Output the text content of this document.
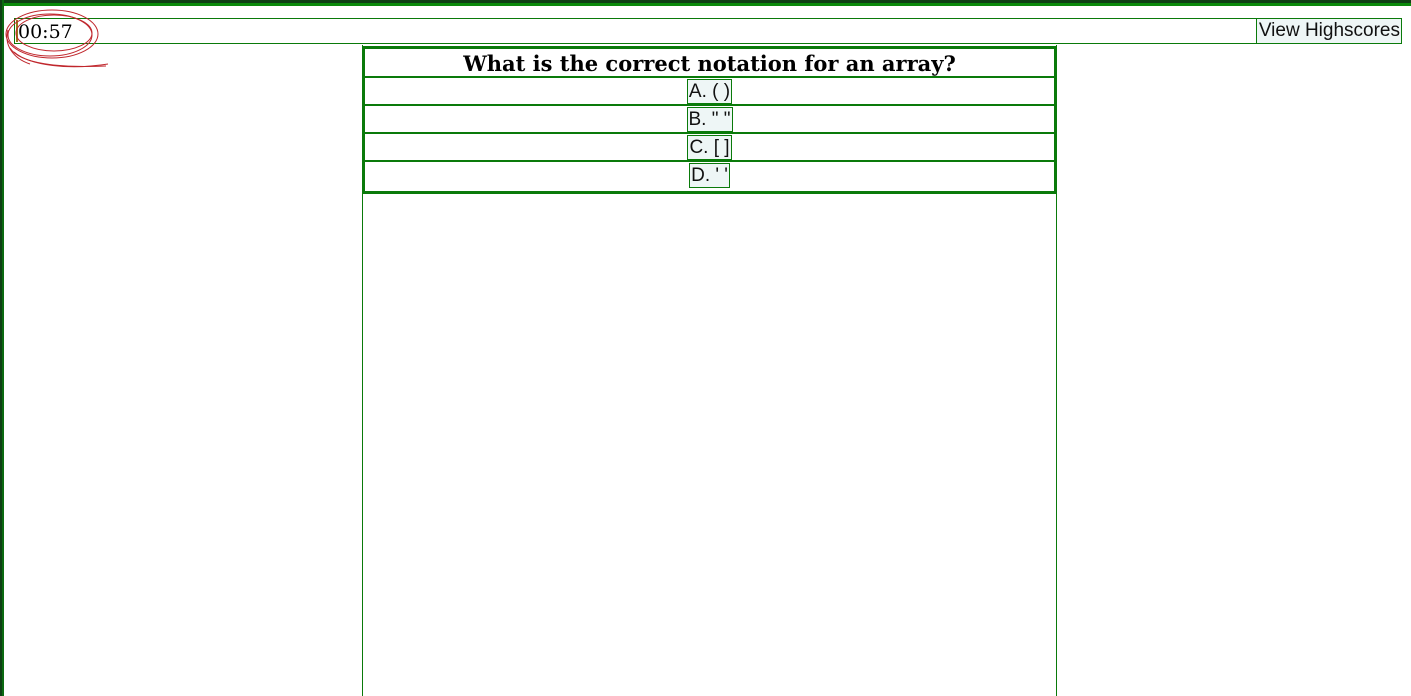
00:57	View Highscores
What is the correct notation for an array?
A. ( )
B. " "
C. [ ]
D. ' '
